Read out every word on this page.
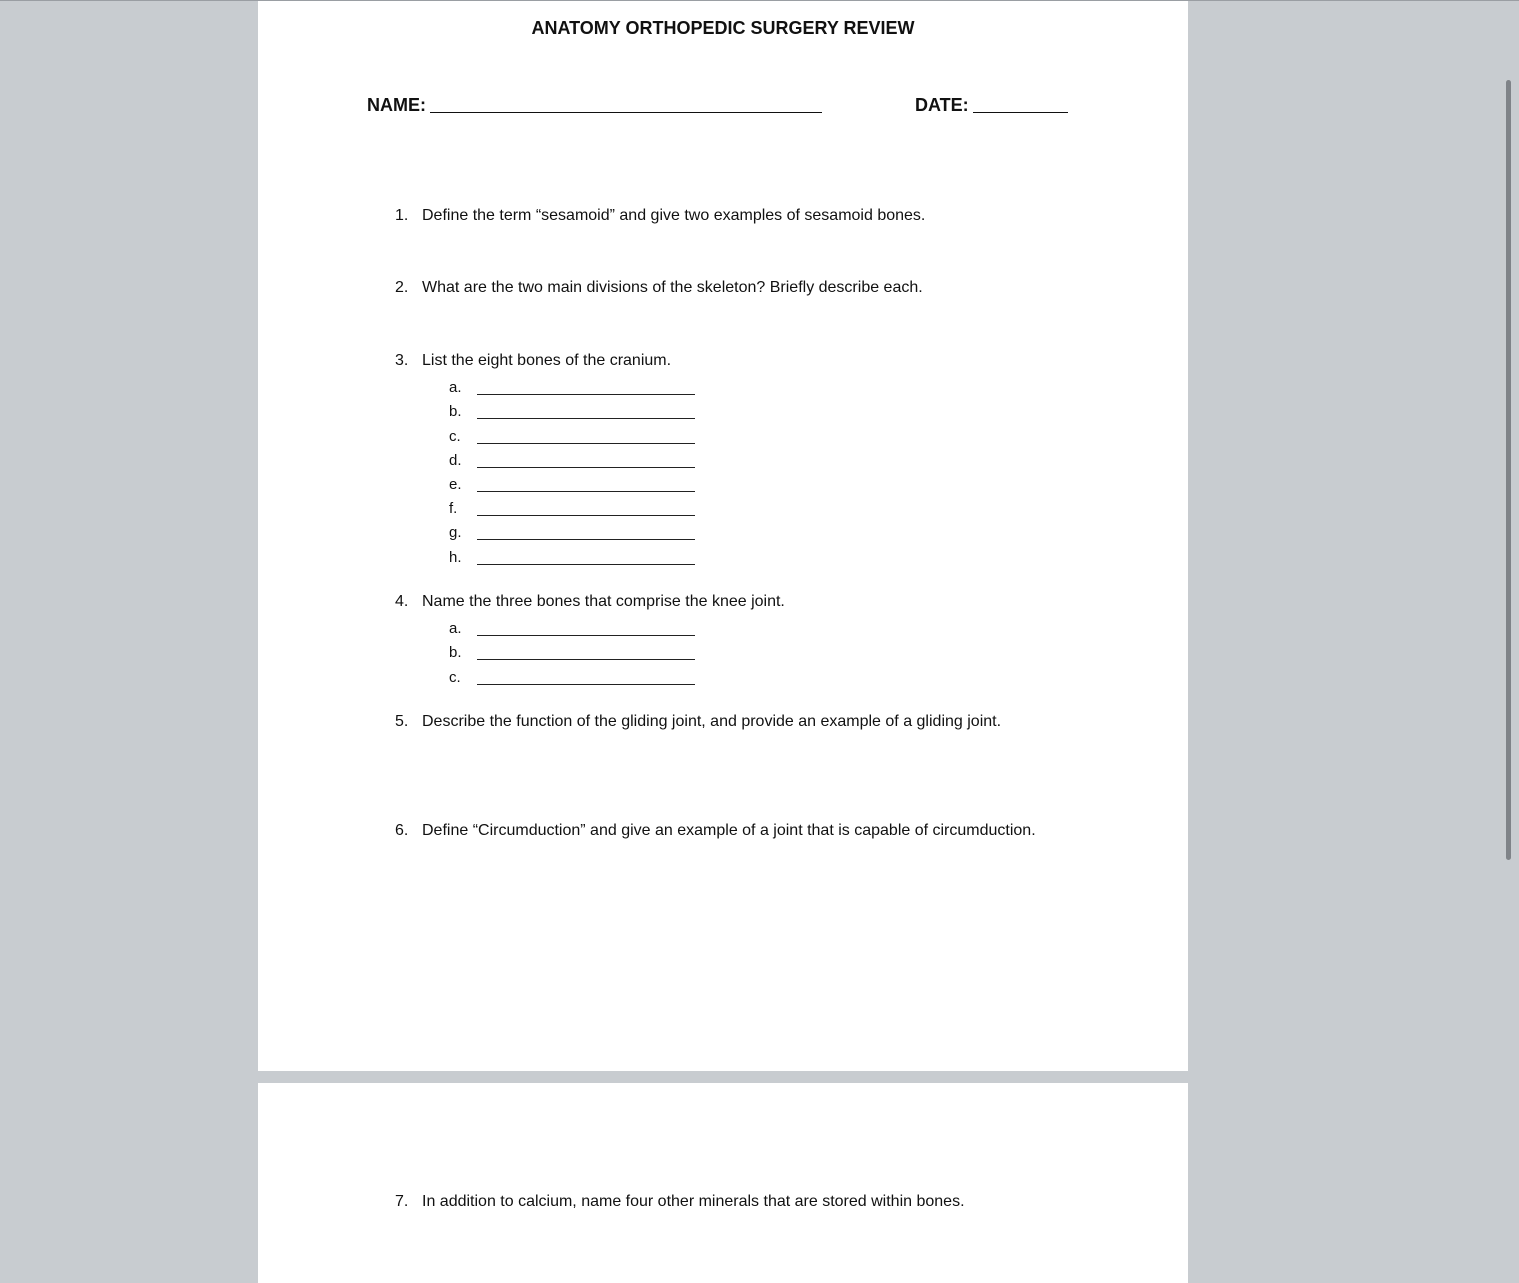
ANATOMY ORTHOPEDIC SURGERY REVIEW
NAME:	DATE:
1. Define the term “sesamoid” and give two examples of sesamoid bones.
2. What are the two main divisions of the skeleton? Briefly describe each.
3. List the eight bones of the cranium.
a.
b.
c.
d.
e.
f.
g.
h.
4. Name the three bones that comprise the knee joint.
a.
b.
c.
5. Describe the function of the gliding joint, and provide an example of a gliding joint.
6. Define “Circumduction” and give an example of a joint that is capable of circumduction.
7. In addition to calcium, name four other minerals that are stored within bones.
